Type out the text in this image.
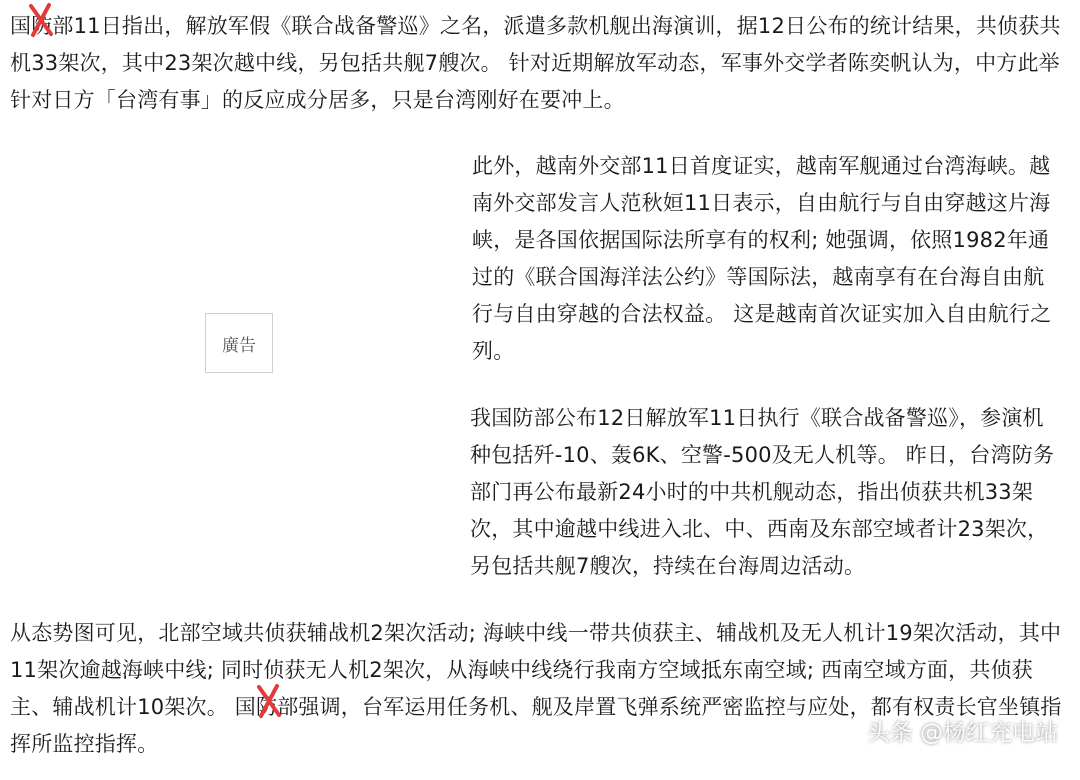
国防
部11日指出，解放军假《联合战备警巡》之名，派遣多款机舰出海演训，据12日公布的统计结果，共侦获共机33架次，其中23架次越中线，另包括共舰7艘次。 针对近期解放军动态，军事外交学者陈奕帆认为，中方此举针对日方「台湾有事」的反应成分居多，只是台湾刚好在要冲上。

廣告

此外，越南外交部11日首度证实，越南军舰通过台湾海峡。越南外交部发言人范秋姮11日表示，自由航行与自由穿越这片海峡，是各国依据国际法所享有的权利; 她强调，依照1982年通过的《联合国海洋法公约》等国际法，越南享有在台海自由航行与自由穿越的合法权益。 这是越南首次证实加入自由航行之列。

我国防部公布12日解放军11日执行《联合战备警巡》，参演机种包括歼-10、轰6K、空警-500及无人机等。 昨日，台湾防务部门再公布最新24小时的中共机舰动态，指出侦获共机33架次，其中逾越中线进入北、中、西南及东部空域者计23架次，另包括共舰7艘次，持续在台海周边活动。

从态势图可见，北部空域共侦获辅战机2架次活动; 海峡中线一带共侦获主、辅战机及无人机计19架次活动，其中11架次逾越海峡中线; 同时侦获无人机2架次，从海峡中线绕行我南方空域抵东南空域; 西南空域方面，共侦获主、辅战机计10架次。 国防部
强调，台军运用任务机、舰及岸置飞弹系统严密监控与应处，都有权责长官坐镇指挥所监控指挥。	头条 @杨红充电站
